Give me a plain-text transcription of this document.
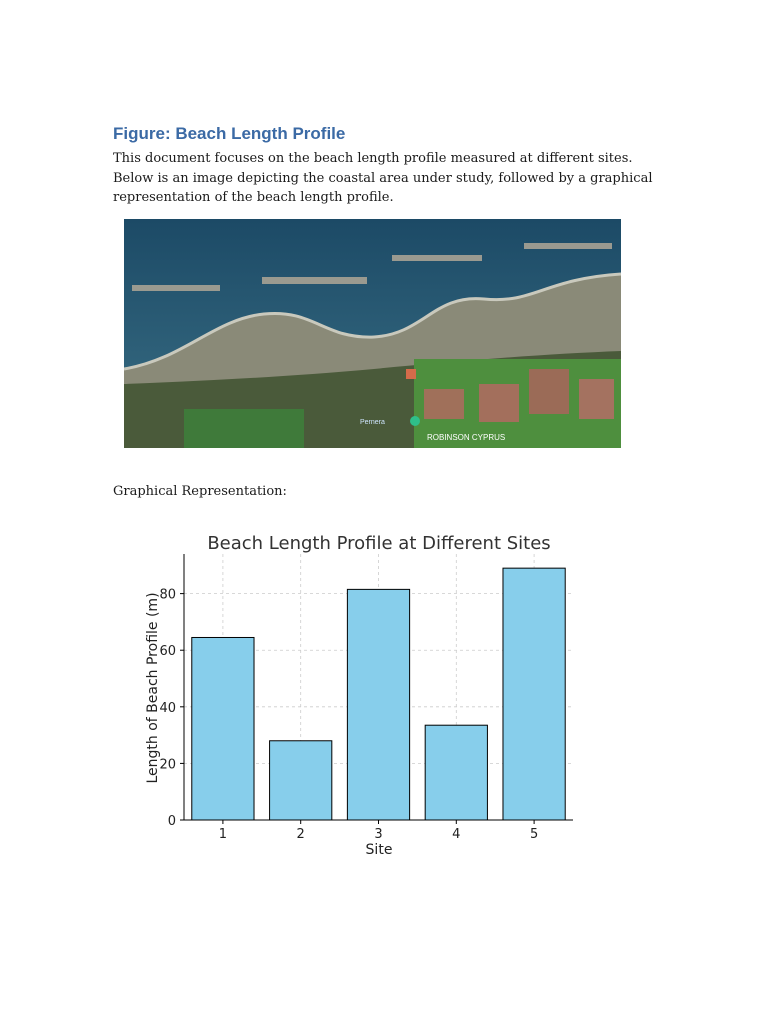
Figure: Beach Length Profile

This document focuses on the beach length profile measured at different sites. Below is an image depicting the coastal area under study, followed by a graphical representation of the beach length profile.

ROBINSON CYPRUS
Pernera

Graphical Representation:

Beach Length Profile at Different Sites
0
20
40
60
80
1	2	3	4	5
Site
Length of Beach Profile (m)
